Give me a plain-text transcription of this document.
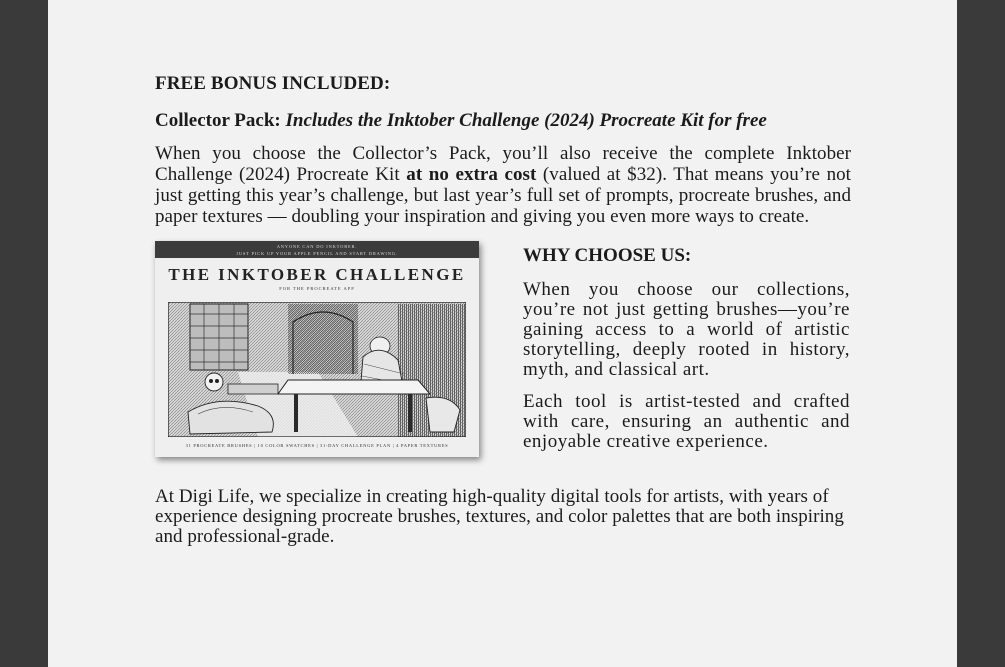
FREE BONUS INCLUDED:
Collector Pack: Includes the Inktober Challenge (2024) Procreate Kit for free
When you choose the Collector’s Pack, you’ll also receive the complete Inktober Challenge (2024) Procreate Kit at no extra cost (valued at $32). That means you’re not just getting this year’s challenge, but last year’s full set of prompts, procreate brushes, and paper textures — doubling your inspiration and giving you even more ways to create.
ANYONE CAN DO INKTOBER.
JUST PICK UP YOUR APPLE PENCIL AND START DRAWING.
THE INKTOBER CHALLENGE
FOR THE PROCREATE APP
31 PROCREATE BRUSHES | 10 COLOR SWATCHES | 31-DAY CHALLENGE PLAN | 4 PAPER TEXTURES
WHY CHOOSE US:
When you choose our collections, you’re not just getting brushes—you’re gaining access to a world of artistic storytelling, deeply rooted in history, myth, and classical art.
Each tool is artist-tested and crafted with care, ensuring an authentic and enjoyable creative experience.
At Digi Life, we specialize in creating high-quality digital tools for artists, with years of experience designing procreate brushes, textures, and color palettes that are both inspiring and professional-grade.
